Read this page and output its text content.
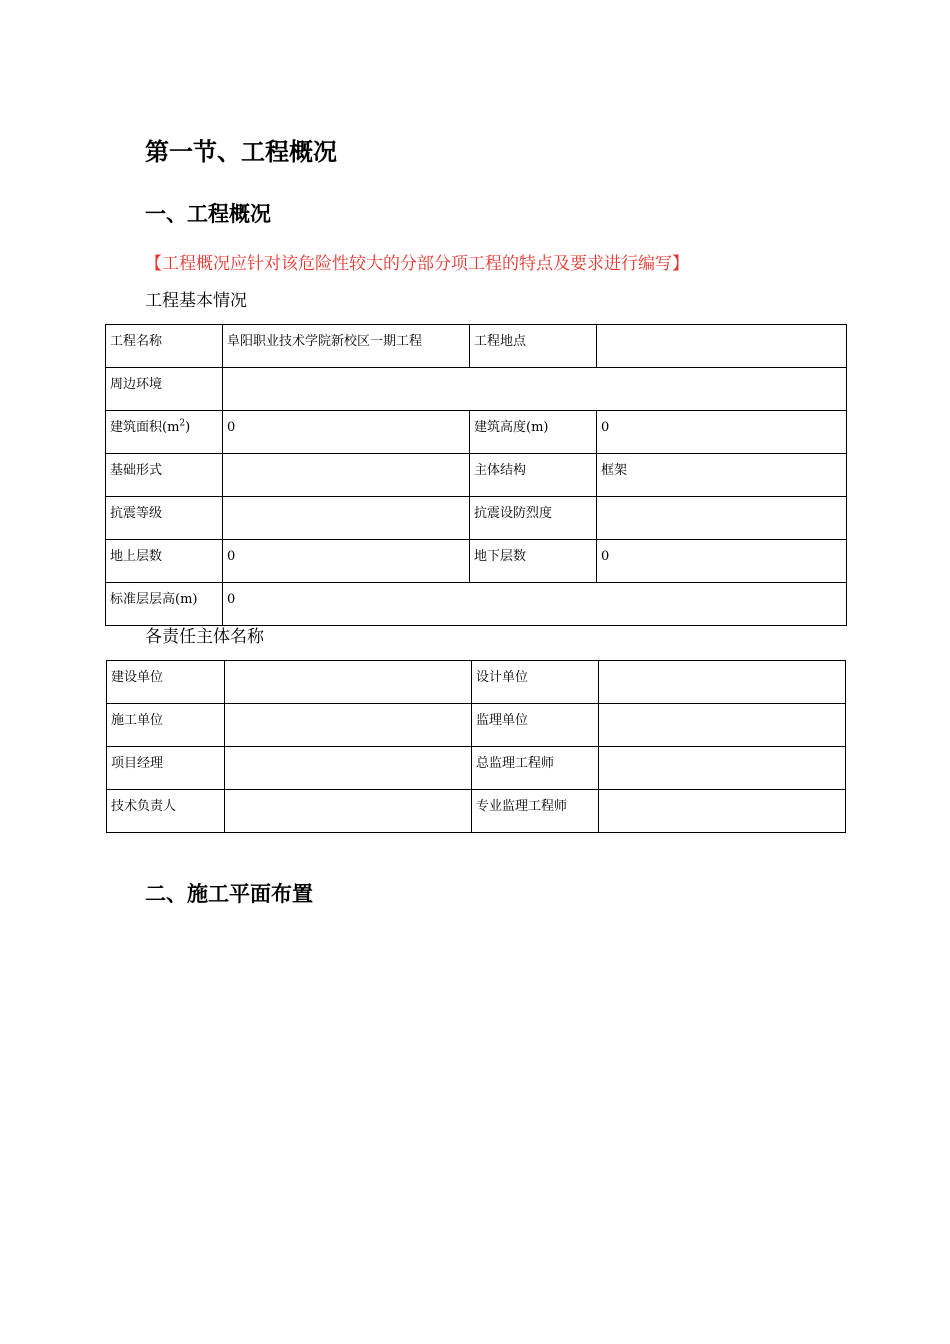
第一节、工程概况
一、工程概况

【工程概况应针对该危险性较大的分部分项工程的特点及要求进行编写】

工程基本情况

工程名称	阜阳职业技术学院新校区一期工程	工程地点	
周边环境			
建筑面积$(m^2)$	0	建筑高度(m)	0
基础形式		主体结构	框架
抗震等级		抗震设防烈度	
地上层数	0	地下层数	0
标准层层高(m)	0		

各责任主体名称

建设单位		设计单位	
施工单位		监理单位	
项目经理		总监理工程师	
技术负责人		专业监理工程师	
二、施工平面布置
